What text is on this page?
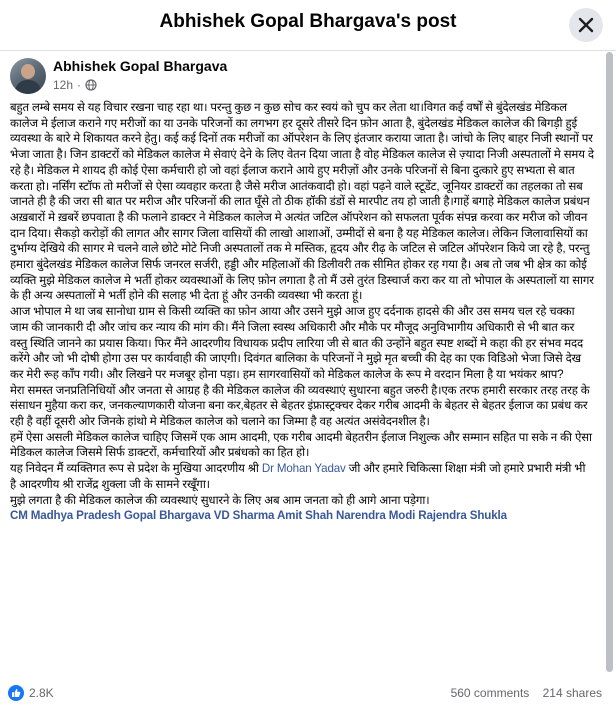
Abhishek Gopal Bhargava's post
Abhishek Gopal Bhargava
12h ·

बहुत लम्बे समय से यह विचार रखना चाह रहा था। परन्तु कुछ न कुछ सोच कर स्वयं को चुप कर लेता था।विगत कई वर्षों से बुंदेलखंड मेडिकल कालेज मे ईलाज कराने गए मरीजों का या उनके परिजनों का लगभग हर दूसरे तीसरे दिन फ़ोन आता है, बुंदेलखंड मेडिकल कालेज की बिगड़ी हुई व्यवस्था के बारे मे शिकायत करने हेतु। कई कई दिनों तक मरीजों का ऑपरेशन के लिए इंतजार कराया जाता है। जांचो के लिए बाहर निजी स्थानों पर भेजा जाता है। जिन डाक्टरों को मेडिकल कालेज मे सेवाएं देने के लिए वेतन दिया जाता है वोह मेडिकल कालेज से ज़्यादा निजी अस्पतालों मे समय दे रहे है। मेडिकल मे शायद ही कोई ऐसा कर्मचारी हो जो वहां ईलाज कराने आये हुए मरीज़ों और उनके परिजनों से बिना दुत्कारे हुए सभ्यता से बात करता हो। नर्सिंग स्टॉफ तो मरीजों से ऐसा व्यवहार करता है जैसे मरीज आतंकवादी हो। वहां पढ़ने वाले स्टूडेंट, जूनियर डाक्टरों का तहलका तो सब जानते ही है की जरा सी बात पर मरीज और परिजनों की लात घूँसे तो ठीक हॉकी डंडों से मारपीट तय हो जाती है।गाहें बगाहे मेडिकल कालेज प्रबंधन अख़बारों मे ख़बरें छपवाता है की फलाने डाक्टर ने मेडिकल कालेज मे अत्यंत जटिल ऑपरेशन को सफलता पूर्वक संपन्न करवा कर मरीज को जीवन दान दिया। सैकड़ो करोड़ों की लागत और सागर जिला वासियों की लाखो आशाओं, उम्मीदों से बना है यह मेडिकल कालेज। लेकिन जिलावासियों का दुर्भाग्य देखिये की सागर मे चलने वाले छोटे मोटे निजी अस्पतालों तक मे मस्तिक, हृदय और रीढ़ के जटिल से जटिल ऑपरेशन किये जा रहे है, परन्तु हमारा बुंदेलखंड मेडिकल कालेज सिर्फ जनरल सर्जरी, हड्डी और महिलाओं की डिलीवरी तक सीमित होकर रह गया है। अब तो जब भी क्षेत्र का कोई व्यक्ति मुझे मेडिकल कालेज मे भर्ती होकर व्यवस्थाओं के लिए फ़ोन लगाता है तो मैं उसे तुरंत डिस्चार्ज करा कर या तो भोपाल के अस्पतालों या सागर के ही अन्य अस्पतालों मे भर्ती होने की सलाह भी देता हूं और उनकी व्यवस्था भी करता हूं।

आज भोपाल मे था जब सानोधा ग्राम से किसी व्यक्ति का फ़ोन आया और उसने मुझे आज हुए दर्दनाक हादसे की और उस समय चल रहे चक्का जाम की जानकारी दी और जांच कर न्याय की मांग की। मैंने जिला स्वस्थ अधिकारी और मौके पर मौजूद अनुविभागीय अधिकारी से भी बात कर वस्तु स्थिति जानने का प्रयास किया। फिर मैंने आदरणीय विधायक प्रदीप लारिया जी से बात की उन्होंने बहुत स्पष्ट शब्दों मे कहा की हर संभव मदद करेंगे और जो भी दोषी होगा उस पर कार्यवाही की जाएगी। दिवंगत बालिका के परिजनों ने मुझे मृत बच्ची की देह का एक विडिओ भेजा जिसे देख कर मेरी रूह काँप गयी। और लिखने पर मजबूर होना पड़ा। हम सागरवासियों को मेडिकल कालेज के रूप मे वरदान मिला है या भयंकर श्राप?

मेरा समस्त जनप्रतिनिधियों और जनता से आग्रह है की मेडिकल कालेज की व्यवस्थाएं सुधारना बहुत जरुरी है।एक तरफ हमारी सरकार तरह तरह के संसाधन मुहैया करा कर, जनकल्याणकारी योजना बना कर,बेहतर से बेहतर इंफ्रास्ट्रक्चर देकर गरीब आदमी के बेहतर से बेहतर ईलाज का प्रबंध कर रही है वहीं दूसरी ओर जिनके हांथो मे मेडिकल कालेज को चलाने का जिम्मा है वह अत्यंत असंवेदनशील है।

हमें ऐसा असली मेडिकल कालेज चाहिए जिसमें एक आम आदमी, एक गरीब आदमी बेहतरीन ईलाज निशुल्क और सम्मान सहित पा सके न की ऐसा मेडिकल कालेज जिसमे सिर्फ डाक्टरों, कर्मचारियों और प्रबंधको का हित हो।

यह निवेदन मैं व्यक्तिगत रूप से प्रदेश के मुखिया आदरणीय श्री Dr Mohan Yadav जी और हमारे चिकित्सा शिक्षा मंत्री जो हमारे प्रभारी मंत्री भी है आदरणीय श्री राजेंद्र शुक्ला जी के सामने रखूँगा।

मुझे लगता है की मेडिकल कालेज की व्यवस्थाएं सुधारने के लिए अब आम जनता को ही आगे आना पड़ेगा।

CM Madhya Pradesh Gopal Bhargava VD Sharma Amit Shah Narendra Modi Rajendra Shukla

2.8K	560 comments 214 shares
